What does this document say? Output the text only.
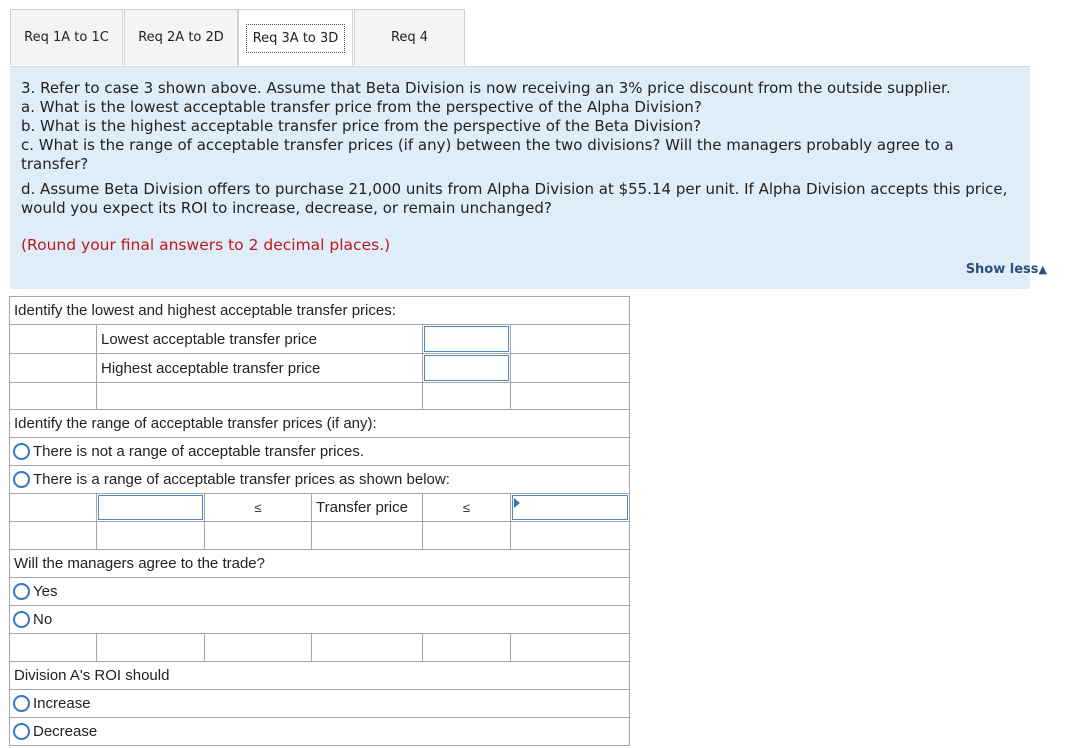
Req 1A to 1C Req 2A to 2D Req 3A to 3D	Req 4

3. Refer to case 3 shown above. Assume that Beta Division is now receiving an 3% price discount from the outside supplier.

a. What is the lowest acceptable transfer price from the perspective of the Alpha Division?

b. What is the highest acceptable transfer price from the perspective of the Beta Division?

c. What is the range of acceptable transfer prices (if any) between the two divisions? Will the managers probably agree to a transfer?

d. Assume Beta Division offers to purchase 21,000 units from Alpha Division at $55.14 per unit. If Alpha Division accepts this price, would you expect its ROI to increase, decrease, or remain unchanged?

(Round your final answers to 2 decimal places.)

Show less▲
Identify the lowest and highest acceptable transfer prices:
Lowest acceptable transfer price
Highest acceptable transfer price
Identify the range of acceptable transfer prices (if any):
There is not a range of acceptable transfer prices.
There is a range of acceptable transfer prices as shown below:
≤	Transfer price	≤
Will the managers agree to the trade?
Yes
No
Division A's ROI should
Increase
Decrease
